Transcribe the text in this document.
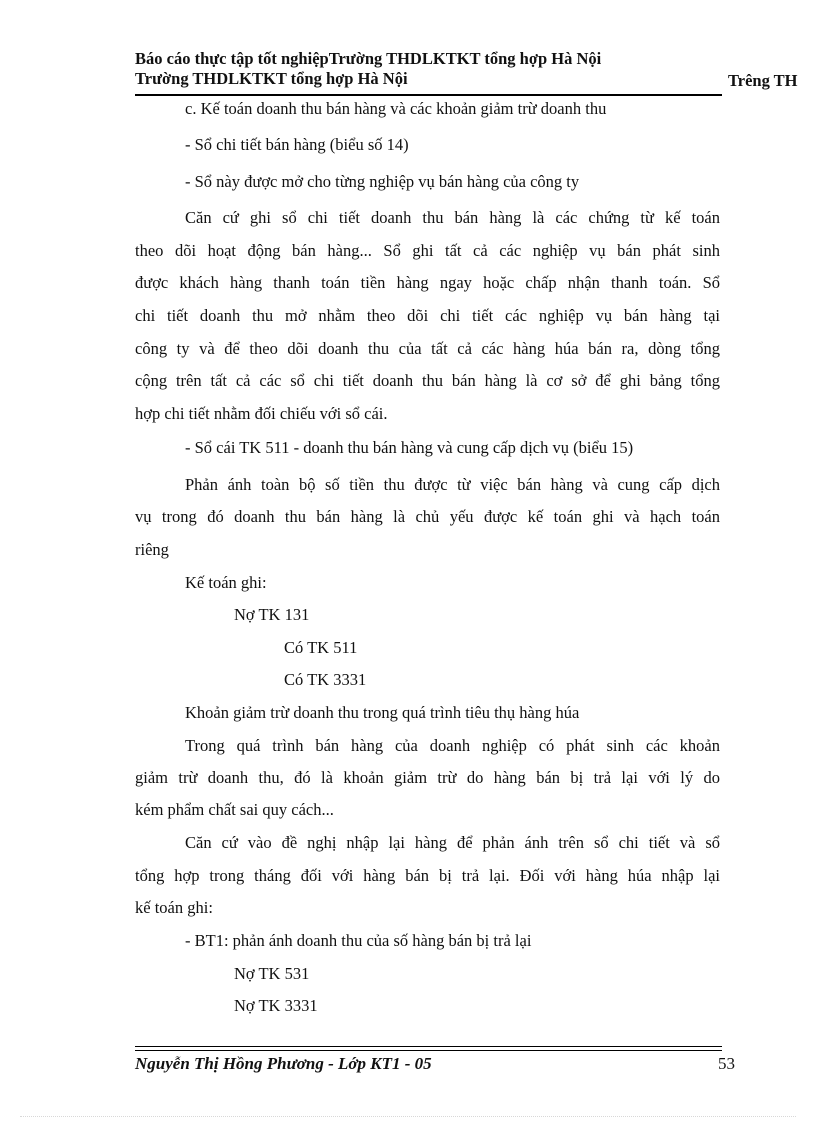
Báo cáo thực tập tốt nghiệpTrường THDLKTKT tổng hợp Hà Nội
Trường THDLKTKT tổng hợp Hà Nội	Trêng TH
c. Kế toán doanh thu bán hàng và các khoản giảm trừ doanh thu
- Sổ chi tiết bán hàng (biểu số 14)
- Sổ này được mở cho từng nghiệp vụ bán hàng của công ty
Căn cứ ghi sổ chi tiết doanh thu bán hàng là các chứng từ kế toán
theo dõi hoạt động bán hàng... Sổ ghi tất cả các nghiệp vụ bán phát sinh
được khách hàng thanh toán tiền hàng ngay hoặc chấp nhận thanh toán. Sổ
chi tiết doanh thu mở nhằm theo dõi chi tiết các nghiệp vụ bán hàng tại
công ty và để theo dõi doanh thu của tất cả các hàng húa bán ra, dòng tổng
cộng trên tất cả các sổ chi tiết doanh thu bán hàng là cơ sở để ghi bảng tổng
hợp chi tiết nhằm đối chiếu với sổ cái.
- Sổ cái TK 511 - doanh thu bán hàng và cung cấp dịch vụ (biểu 15)
Phản ánh toàn bộ số tiền thu được từ việc bán hàng và cung cấp dịch
vụ trong đó doanh thu bán hàng là chủ yếu được kế toán ghi và hạch toán
riêng
Kế toán ghi:
Nợ TK 131
Có TK 511
Có TK 3331
Khoản giảm trừ doanh thu trong quá trình tiêu thụ hàng húa
Trong quá trình bán hàng của doanh nghiệp có phát sinh các khoản
giảm trừ doanh thu, đó là khoản giảm trừ do hàng bán bị trả lại với lý do
kém phẩm chất sai quy cách...
Căn cứ vào đề nghị nhập lại hàng để phản ánh trên sổ chi tiết và sổ
tổng hợp trong tháng đối với hàng bán bị trả lại. Đối với hàng húa nhập lại
kế toán ghi:
- BT1: phản ánh doanh thu của số hàng bán bị trả lại
Nợ TK 531
Nợ TK 3331
Nguyễn Thị Hồng Phương - Lớp KT1 - 05	53
